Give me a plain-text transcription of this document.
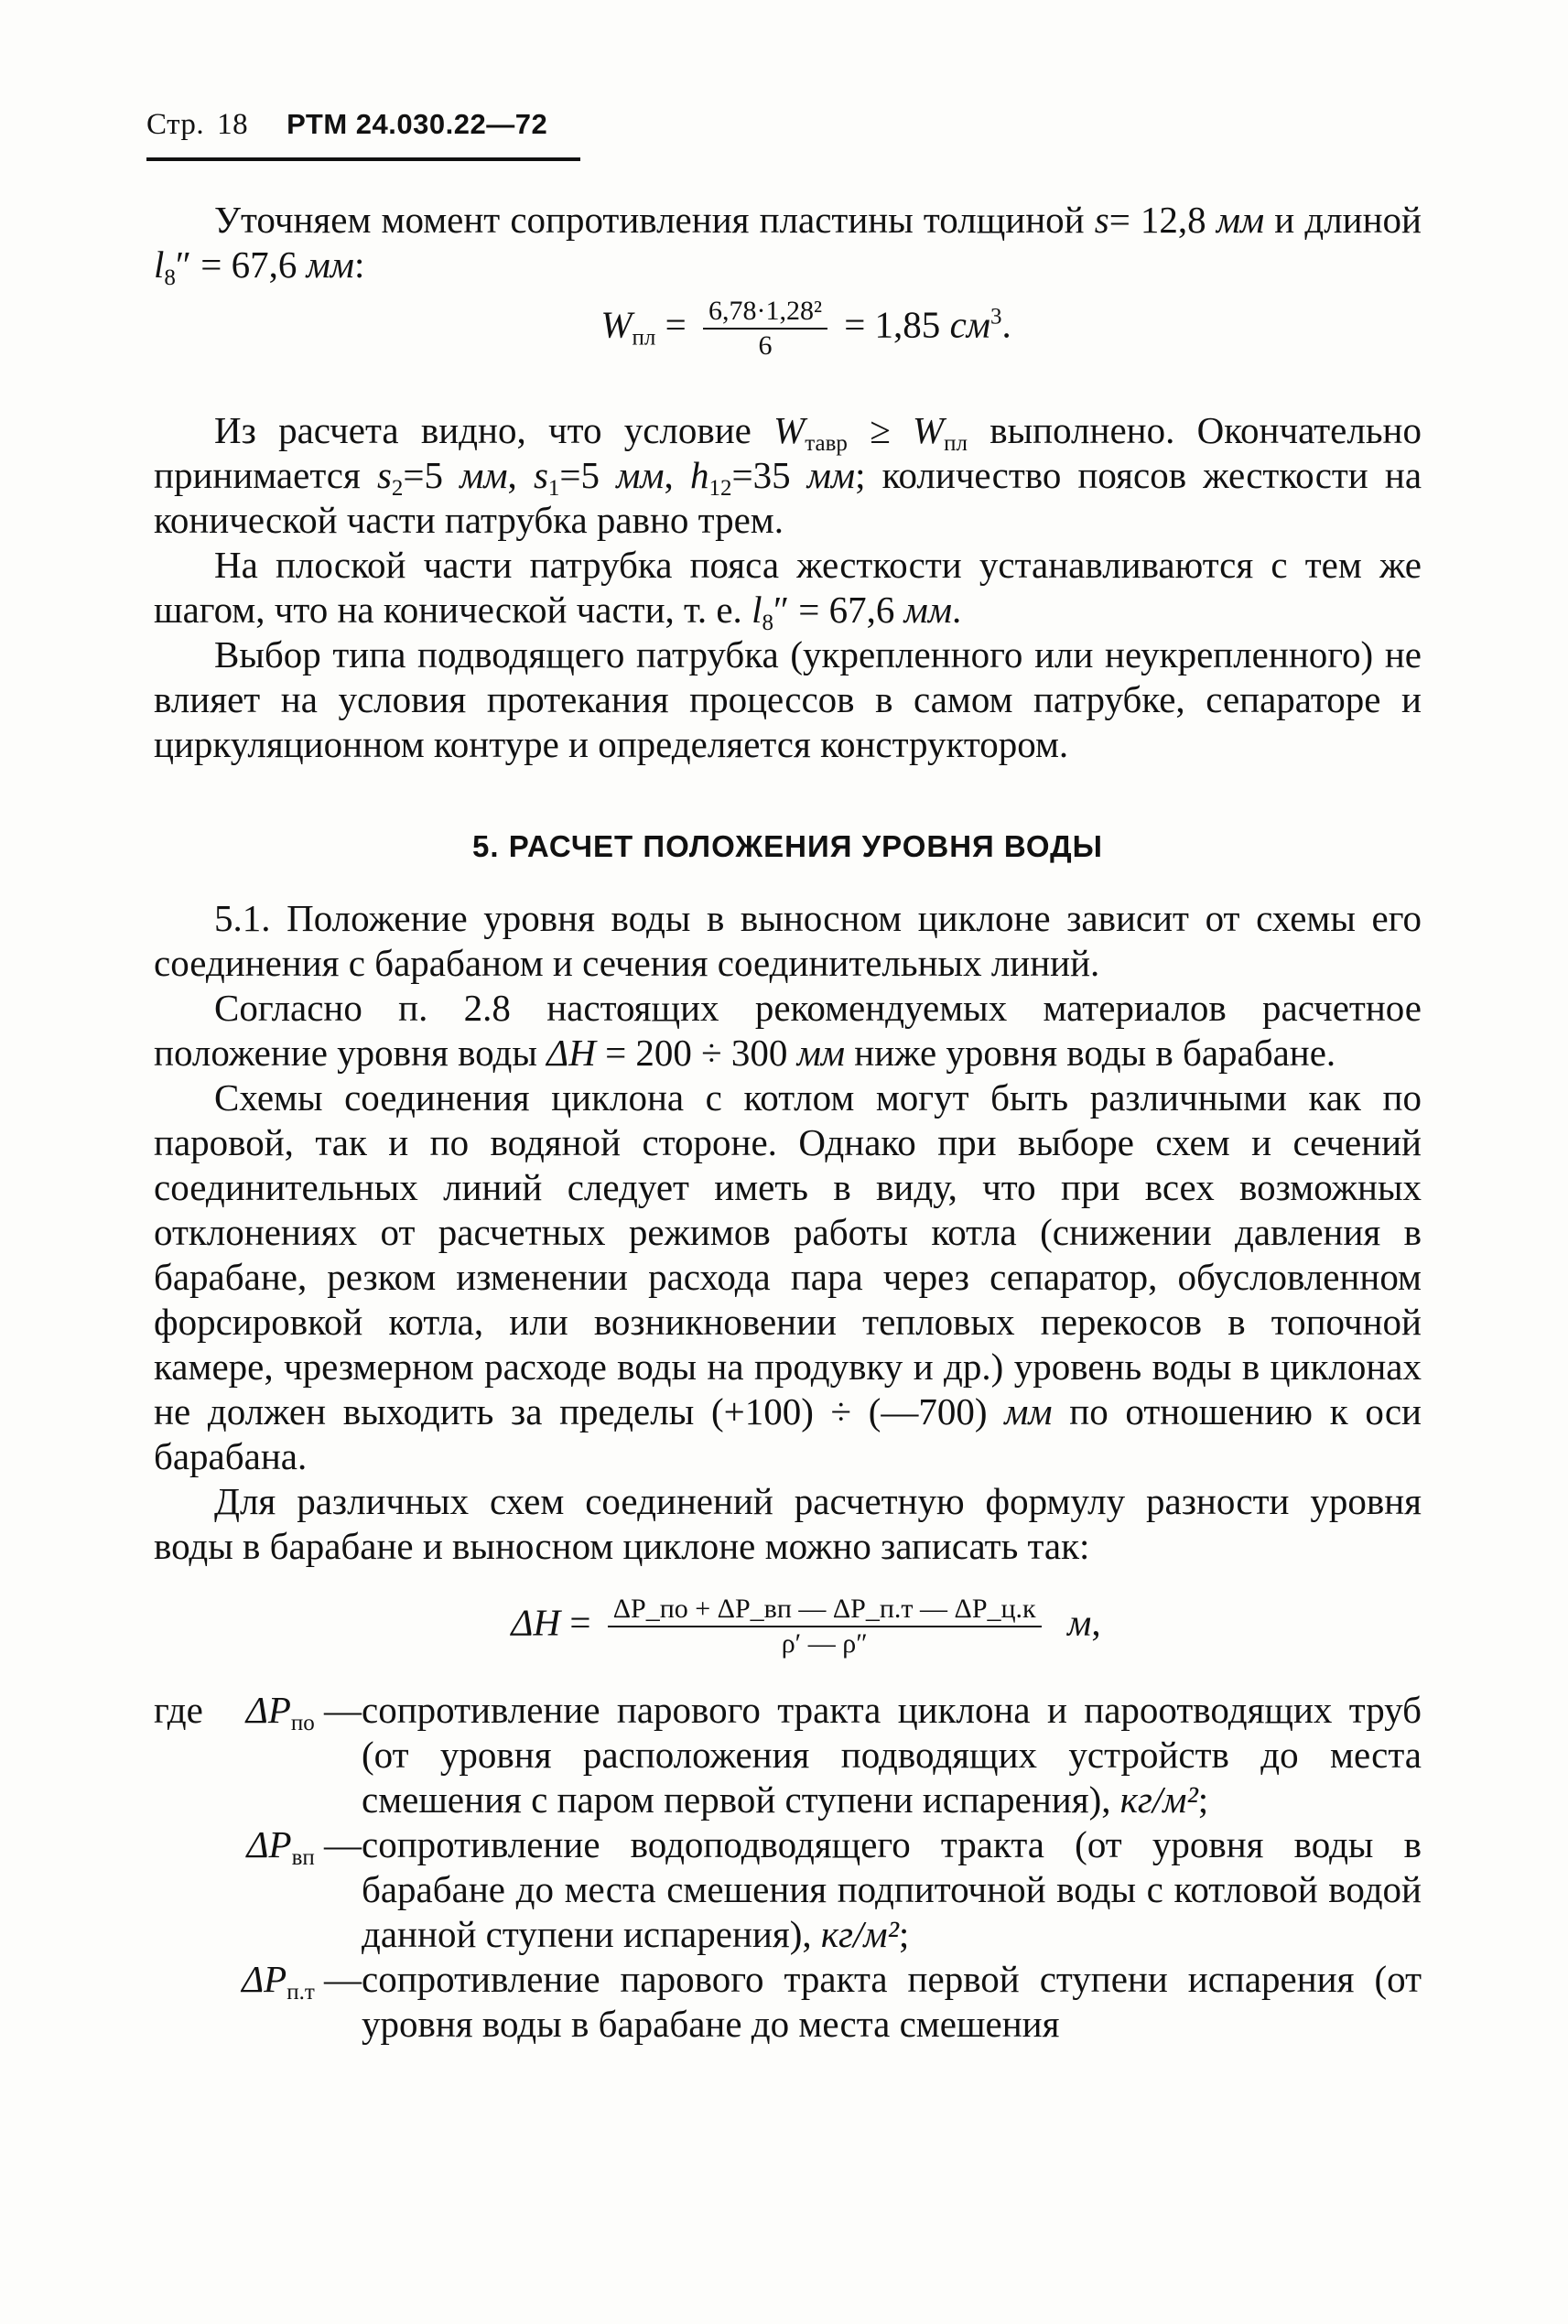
Стр. 18 РТМ 24.030.22—72

Уточняем момент сопротивления пластины толщиной s= 12,8 мм и длиной $l_8'' = 67,6$ мм:

$W_{пл} = \frac{\text{6,78·1,28²}}{6} = 1,85$ $см^3$.

Из расчета видно, что условие $W_{тавр} \ge W_{пл}$ выполнено. Окончательно принимается $s_2=5$ мм, $s_1=5$ мм, $h_{12}=35$ мм; количество поясов жесткости на конической части патрубка равно трем.

На плоской части патрубка пояса жесткости устанавливаются с тем же шагом, что на конической части, т. е. $l_8'' = 67,6$ мм.

Выбор типа подводящего патрубка (укрепленного или неукрепленного) не влияет на условия протекания процессов в самом патрубке, сепараторе и циркуляционном контуре и определяется конструктором.

5. РАСЧЕТ ПОЛОЖЕНИЯ УРОВНЯ ВОДЫ

5.1. Положение уровня воды в выносном циклоне зависит от схемы его соединения с барабаном и сечения соединительных линий.

Согласно п. 2.8 настоящих рекомендуемых материалов расчетное положение уровня воды ΔH = 200 ÷ 300 мм ниже уровня воды в барабане.

Схемы соединения циклона с котлом могут быть различными как по паровой, так и по водяной стороне. Однако при выборе схем и сечений соединительных линий следует иметь в виду, что при всех возможных отклонениях от расчетных режимов работы котла (снижении давления в барабане, резком изменении расхода пара через сепаратор, обусловленном форсировкой котла, или возникновении тепловых перекосов в топочной камере, чрезмерном расходе воды на продувку и др.) уровень воды в циклонах не должен выходить за пределы (+100) ÷ (—700) мм по отношению к оси барабана.

Для различных схем соединений расчетную формулу разности уровня воды в барабане и выносном циклоне можно записать так:

$\Delta H = \frac{\Delta P\_по + \Delta P\_вп — \Delta P\_п.т — \Delta P\_ц.к}{\rho' — \rho''} м$,
где $\Delta P_{по}$ — сопротивление парового тракта циклона и пароотводящих труб (от уровня расположения подводящих устройств до места смешения с паром первой ступени испарения), кг/м²;
$\Delta P_{вп}$ — сопротивление водоподводящего тракта (от уровня воды в барабане до места смешения подпиточной воды с котловой водой данной ступени испарения), кг/м²;
$\Delta P_{п.т}$ — сопротивление парового тракта первой ступени испарения (от уровня воды в барабане до места смешения
